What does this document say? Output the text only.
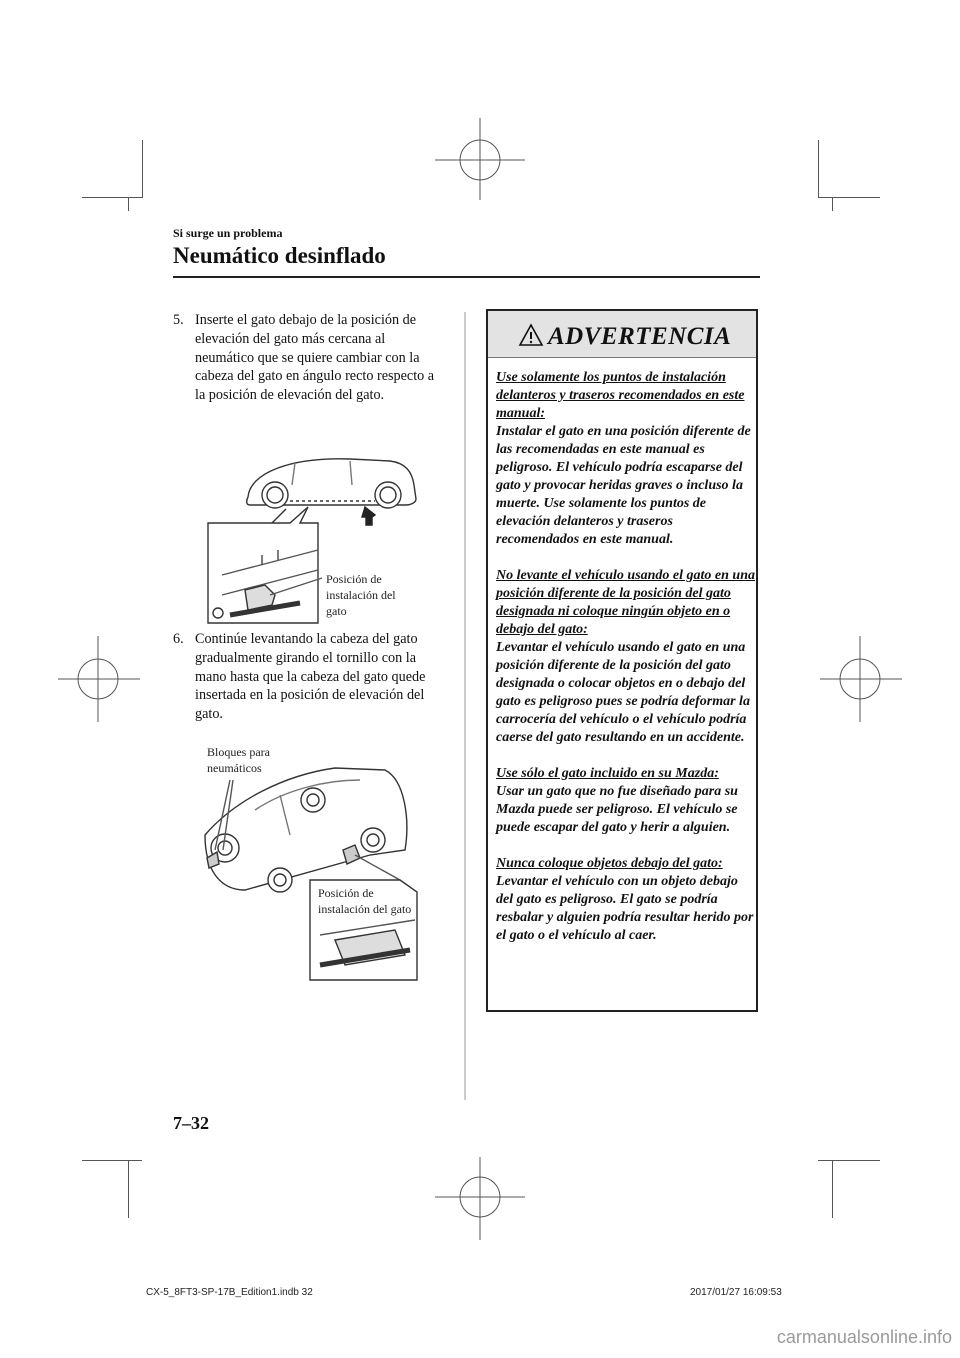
Si surge un problema
Neumático desinflado
5. Inserte el gato debajo de la posición de elevación del gato más cercana al neumático que se quiere cambiar con la cabeza del gato en ángulo recto respecto a la posición de elevación del gato.
Posición de
instalación del
gato
6. Continúe levantando la cabeza del gato gradualmente girando el tornillo con la mano hasta que la cabeza del gato quede insertada en la posición de elevación del gato.
Bloques para
neumáticos
Posición de
instalación del gato
ADVERTENCIA

Use solamente los puntos de instalación delanteros y traseros recomendados en este manual:
Instalar el gato en una posición diferente de las recomendadas en este manual es peligroso. El vehículo podría escaparse del gato y provocar heridas graves o incluso la muerte. Use solamente los puntos de elevación delanteros y traseros recomendados en este manual.

No levante el vehículo usando el gato en una posición diferente de la posición del gato designada ni coloque ningún objeto en o debajo del gato:
Levantar el vehículo usando el gato en una posición diferente de la posición del gato designada o colocar objetos en o debajo del gato es peligroso pues se podría deformar la carrocería del vehículo o el vehículo podría caerse del gato resultando en un accidente.

Use sólo el gato incluido en su Mazda:
Usar un gato que no fue diseñado para su Mazda puede ser peligroso. El vehículo se puede escapar del gato y herir a alguien.

Nunca coloque objetos debajo del gato:
Levantar el vehículo con un objeto debajo del gato es peligroso. El gato se podría resbalar y alguien podría resultar herido por el gato o el vehículo al caer.

7–32
CX-5_8FT3-SP-17B_Edition1.indb 32	2017/01/27 16:09:53
carmanualsonline.info
